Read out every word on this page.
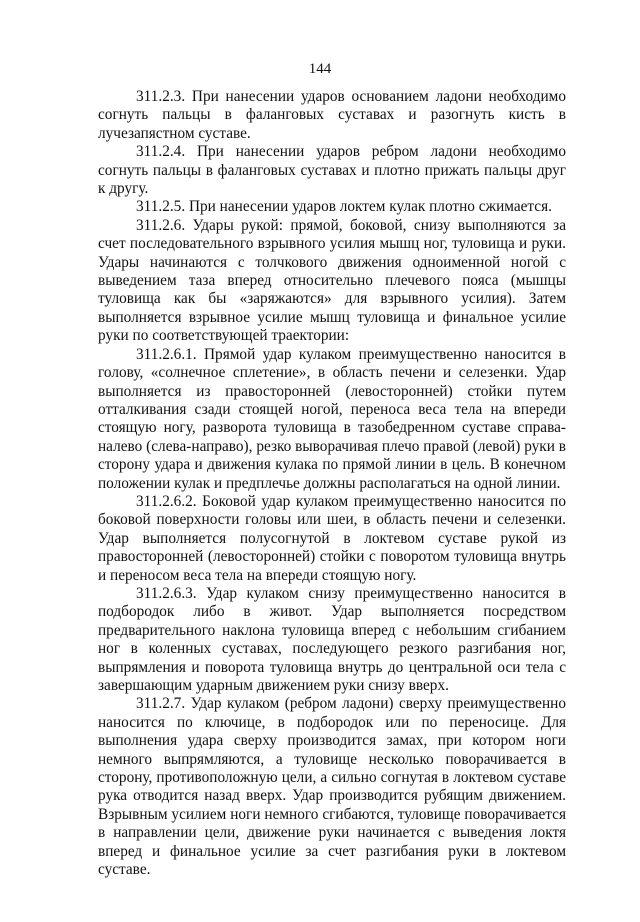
144

311.2.3. При нанесении ударов основанием ладони необходимо согнуть пальцы в фаланговых суставах и разогнуть кисть в лучезапястном суставе.

311.2.4. При нанесении ударов ребром ладони необходимо согнуть пальцы в фаланговых суставах и плотно прижать пальцы друг к другу.

311.2.5. При нанесении ударов локтем кулак плотно сжимается.

311.2.6. Удары рукой: прямой, боковой, снизу выполняются за счет последовательного взрывного усилия мышц ног, туловища и руки. Удары начинаются с толчкового движения одноименной ногой с выведением таза вперед относительно плечевого пояса (мышцы туловища как бы «заряжаются» для взрывного усилия). Затем выполняется взрывное усилие мышц туловища и финальное усилие руки по соответствующей траектории:

311.2.6.1. Прямой удар кулаком преимущественно наносится в голову, «солнечное сплетение», в область печени и селезенки. Удар выполняется из правосторонней (левосторонней) стойки путем отталкивания сзади стоящей ногой, переноса веса тела на впереди стоящую ногу, разворота туловища в тазобедренном суставе справа-налево (слева-направо), резко выворачивая плечо правой (левой) руки в сторону удара и движения кулака по прямой линии в цель. В конечном положении кулак и предплечье должны располагаться на одной линии.

311.2.6.2. Боковой удар кулаком преимущественно наносится по боковой поверхности головы или шеи, в область печени и селезенки. Удар выполняется полусогнутой в локтевом суставе рукой из правосторонней (левосторонней) стойки с поворотом туловища внутрь и переносом веса тела на впереди стоящую ногу.

311.2.6.3. Удар кулаком снизу преимущественно наносится в подбородок либо в живот. Удар выполняется посредством предварительного наклона туловища вперед с небольшим сгибанием ног в коленных суставах, последующего резкого разгибания ног, выпрямления и поворота туловища внутрь до центральной оси тела с завершающим ударным движением руки снизу вверх.

311.2.7. Удар кулаком (ребром ладони) сверху преимущественно наносится по ключице, в подбородок или по переносице. Для выполнения удара сверху производится замах, при котором ноги немного выпрямляются, а туловище несколько поворачивается в сторону, противоположную цели, а сильно согнутая в локтевом суставе рука отводится назад вверх. Удар производится рубящим движением. Взрывным усилием ноги немного сгибаются, туловище поворачивается в направлении цели, движение руки начинается с выведения локтя вперед и финальное усилие за счет разгибания руки в локтевом суставе.
